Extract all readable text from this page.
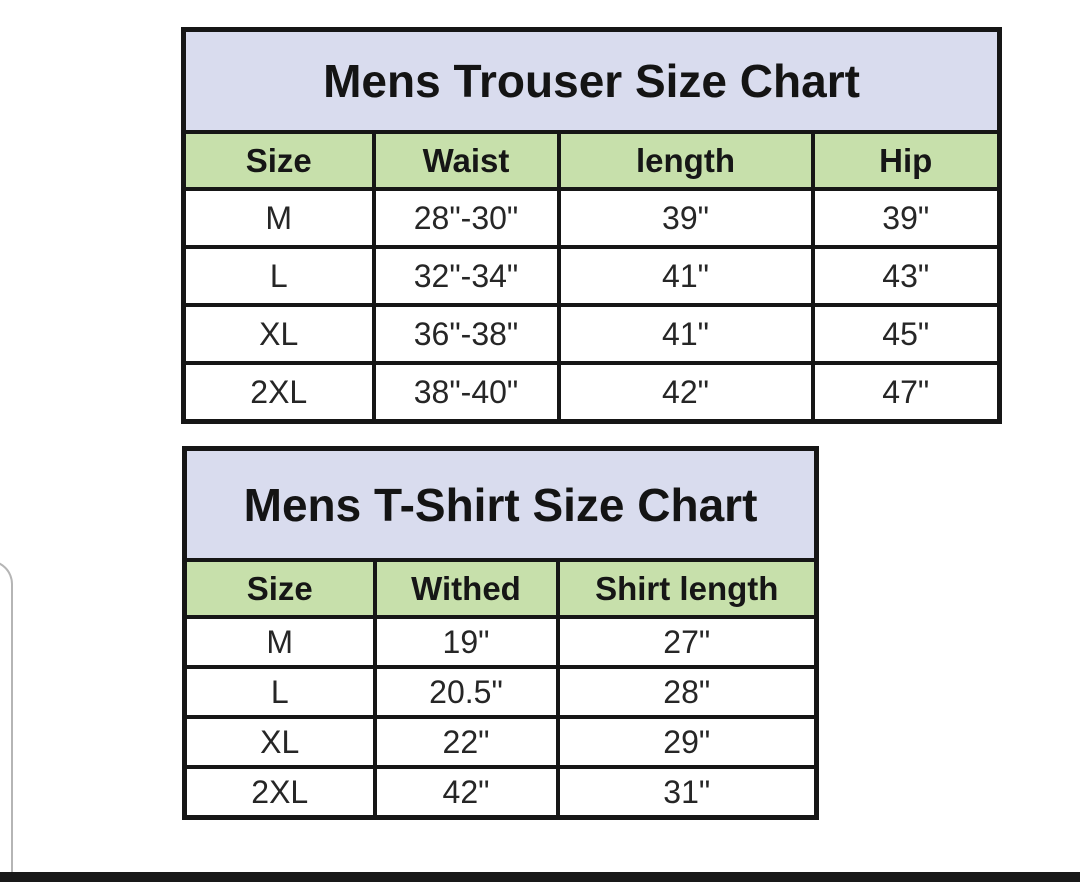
Mens Trouser Size Chart			
Size	Waist	length	Hip
M	28"-30"	39"	39"
L	32"-34"	41"	43"
XL	36"-38"	41"	45"
2XL	38"-40"	42"	47"
Mens T-Shirt Size Chart		
Size	Withed	Shirt length
M	19"	27"
L	20.5"	28"
XL	22"	29"
2XL	42"	31"
